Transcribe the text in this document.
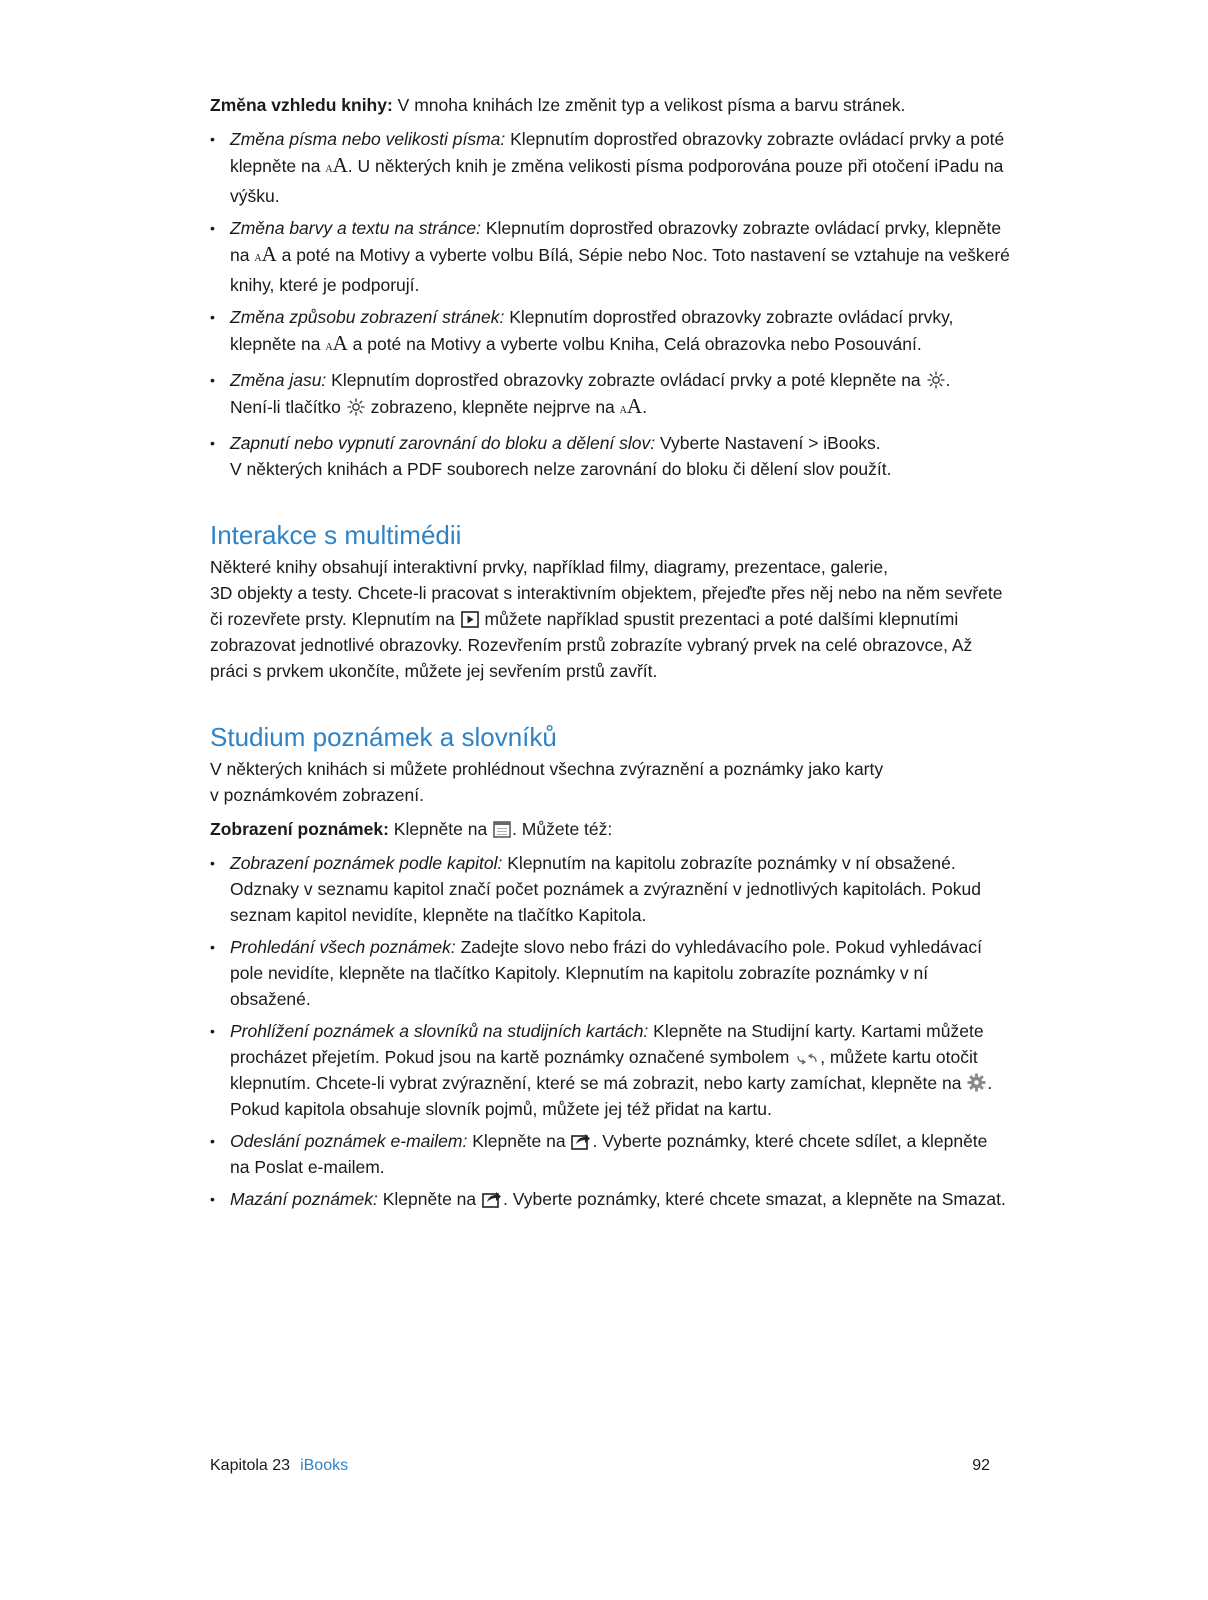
Změna vzhledu knihy: V mnoha knihách lze změnit typ a velikost písma a barvu stránek.

• Změna písma nebo velikosti písma: Klepnutím doprostřed obrazovky zobrazte ovládací prvky a poté klepněte na AA. U některých knih je změna velikosti písma podporována pouze při otočení iPadu na výšku.
• Změna barvy a textu na stránce: Klepnutím doprostřed obrazovky zobrazte ovládací prvky, klepněte na AA a poté na Motivy a vyberte volbu Bílá, Sépie nebo Noc. Toto nastavení se vztahuje na veškeré knihy, které je podporují.
• Změna způsobu zobrazení stránek: Klepnutím doprostřed obrazovky zobrazte ovládací prvky, klepněte na AA a poté na Motivy a vyberte volbu Kniha, Celá obrazovka nebo Posouvání.
• Změna jasu: Klepnutím doprostřed obrazovky zobrazte ovládací prvky a poté klepněte na .
Není-li tlačítko  zobrazeno, klepněte nejprve na AA.
• Zapnutí nebo vypnutí zarovnání do bloku a dělení slov: Vyberte Nastavení > iBooks.
V některých knihách a PDF souborech nelze zarovnání do bloku či dělení slov použít.
Interakce s multimédii

Některé knihy obsahují interaktivní prvky, například filmy, diagramy, prezentace, galerie,
3D objekty a testy. Chcete-li pracovat s interaktivním objektem, přejeďte přes něj nebo na něm sevřete či rozevřete prsty. Klepnutím na  můžete například spustit prezentaci a poté dalšími klepnutími zobrazovat jednotlivé obrazovky. Rozevřením prstů zobrazíte vybraný prvek na celé obrazovce, Až práci s prvkem ukončíte, můžete jej sevřením prstů zavřít.

Studium poznámek a slovníků

V některých knihách si můžete prohlédnout všechna zvýraznění a poznámky jako karty
v poznámkovém zobrazení.

Zobrazení poznámek: Klepněte na . Můžete též:

• Zobrazení poznámek podle kapitol: Klepnutím na kapitolu zobrazíte poznámky v ní obsažené. Odznaky v seznamu kapitol značí počet poznámek a zvýraznění v jednotlivých kapitolách. Pokud seznam kapitol nevidíte, klepněte na tlačítko Kapitola.
• Prohledání všech poznámek: Zadejte slovo nebo frázi do vyhledávacího pole. Pokud vyhledávací pole nevidíte, klepněte na tlačítko Kapitoly. Klepnutím na kapitolu zobrazíte poznámky v ní obsažené.
• Prohlížení poznámek a slovníků na studijních kartách: Klepněte na Studijní karty. Kartami můžete procházet přejetím. Pokud jsou na kartě poznámky označené symbolem , můžete kartu otočit klepnutím. Chcete-li vybrat zvýraznění, které se má zobrazit, nebo karty zamíchat, klepněte na . Pokud kapitola obsahuje slovník pojmů, můžete jej též přidat na kartu.
• Odeslání poznámek e-mailem: Klepněte na . Vyberte poznámky, které chcete sdílet, a klepněte na Poslat e-mailem.
• Mazání poznámek: Klepněte na . Vyberte poznámky, které chcete smazat, a klepněte na Smazat.
Kapitola 23 iBooks	92
